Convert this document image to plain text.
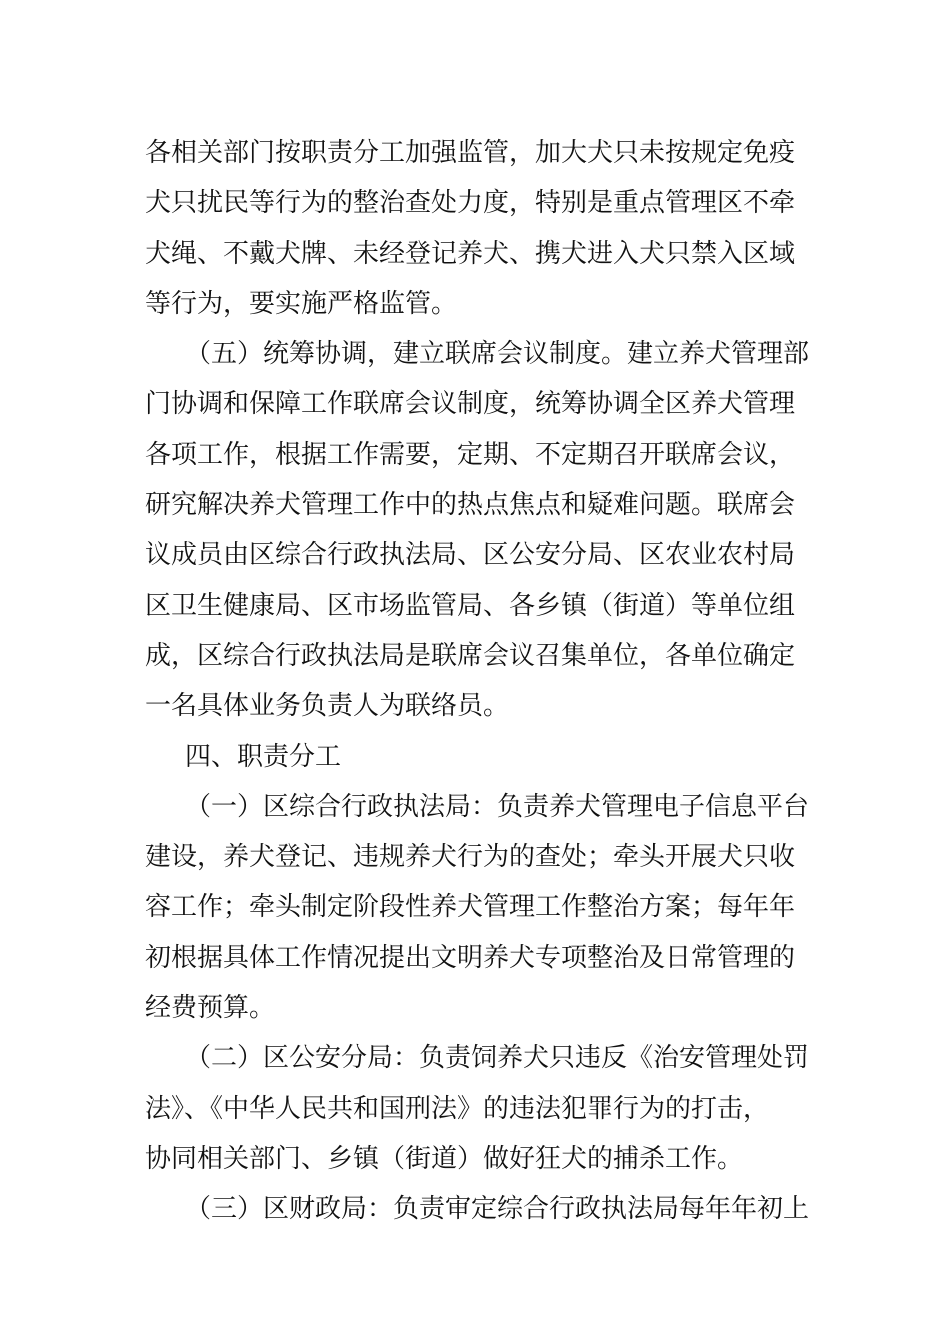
各相关部门按职责分工加强监管，加大犬只未按规定免疫
犬只扰民等行为的整治查处力度，特别是重点管理区不牵
犬绳、不戴犬牌、未经登记养犬、携犬进入犬只禁入区域
等行为，要实施严格监管。
（五）统筹协调，建立联席会议制度。建立养犬管理部
门协调和保障工作联席会议制度，统筹协调全区养犬管理
各项工作，根据工作需要，定期、不定期召开联席会议，
研究解决养犬管理工作中的热点焦点和疑难问题。联席会
议成员由区综合行政执法局、区公安分局、区农业农村局
区卫生健康局、区市场监管局、各乡镇（街道）等单位组
成，区综合行政执法局是联席会议召集单位，各单位确定
一名具体业务负责人为联络员。
四、职责分工
（一）区综合行政执法局：负责养犬管理电子信息平台
建设，养犬登记、违规养犬行为的查处；牵头开展犬只收
容工作；牵头制定阶段性养犬管理工作整治方案；每年年
初根据具体工作情况提出文明养犬专项整治及日常管理的
经费预算。
（二）区公安分局：负责饲养犬只违反《治安管理处罚
法》、《中华人民共和国刑法》的违法犯罪行为的打击，
协同相关部门、乡镇（街道）做好狂犬的捕杀工作。
（三）区财政局：负责审定综合行政执法局每年年初上
